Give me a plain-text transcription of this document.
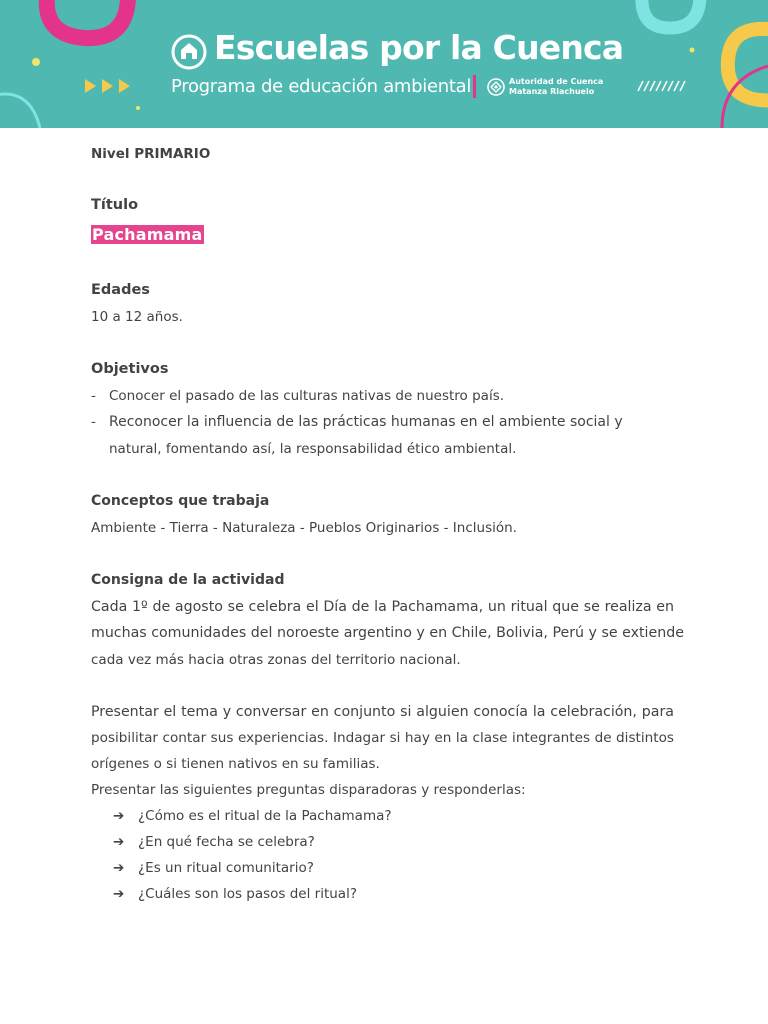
Escuelas por la Cuenca
Programa de educación ambiental	Autoridad de Cuenca
Matanza Riachuelo
Nivel PRIMARIO
Título
Pachamama
Edades
10 a 12 años.
Objetivos
- Conocer el pasado de las culturas nativas de nuestro país.
- Reconocer la influencia de las prácticas humanas en el ambiente social y
natural, fomentando así, la responsabilidad ético ambiental.
Conceptos que trabaja
Ambiente - Tierra - Naturaleza - Pueblos Originarios - Inclusión.
Consigna de la actividad
Cada 1º de agosto se celebra el Día de la Pachamama, un ritual que se realiza en
muchas comunidades del noroeste argentino y en Chile, Bolivia, Perú y se extiende
cada vez más hacia otras zonas del territorio nacional.
Presentar el tema y conversar en conjunto si alguien conocía la celebración, para
posibilitar contar sus experiencias. Indagar si hay en la clase integrantes de distintos
orígenes o si tienen nativos en su familias.
Presentar las siguientes preguntas disparadoras y responderlas:
➔ ¿Cómo es el ritual de la Pachamama?
➔ ¿En qué fecha se celebra?
➔ ¿Es un ritual comunitario?
➔ ¿Cuáles son los pasos del ritual?
